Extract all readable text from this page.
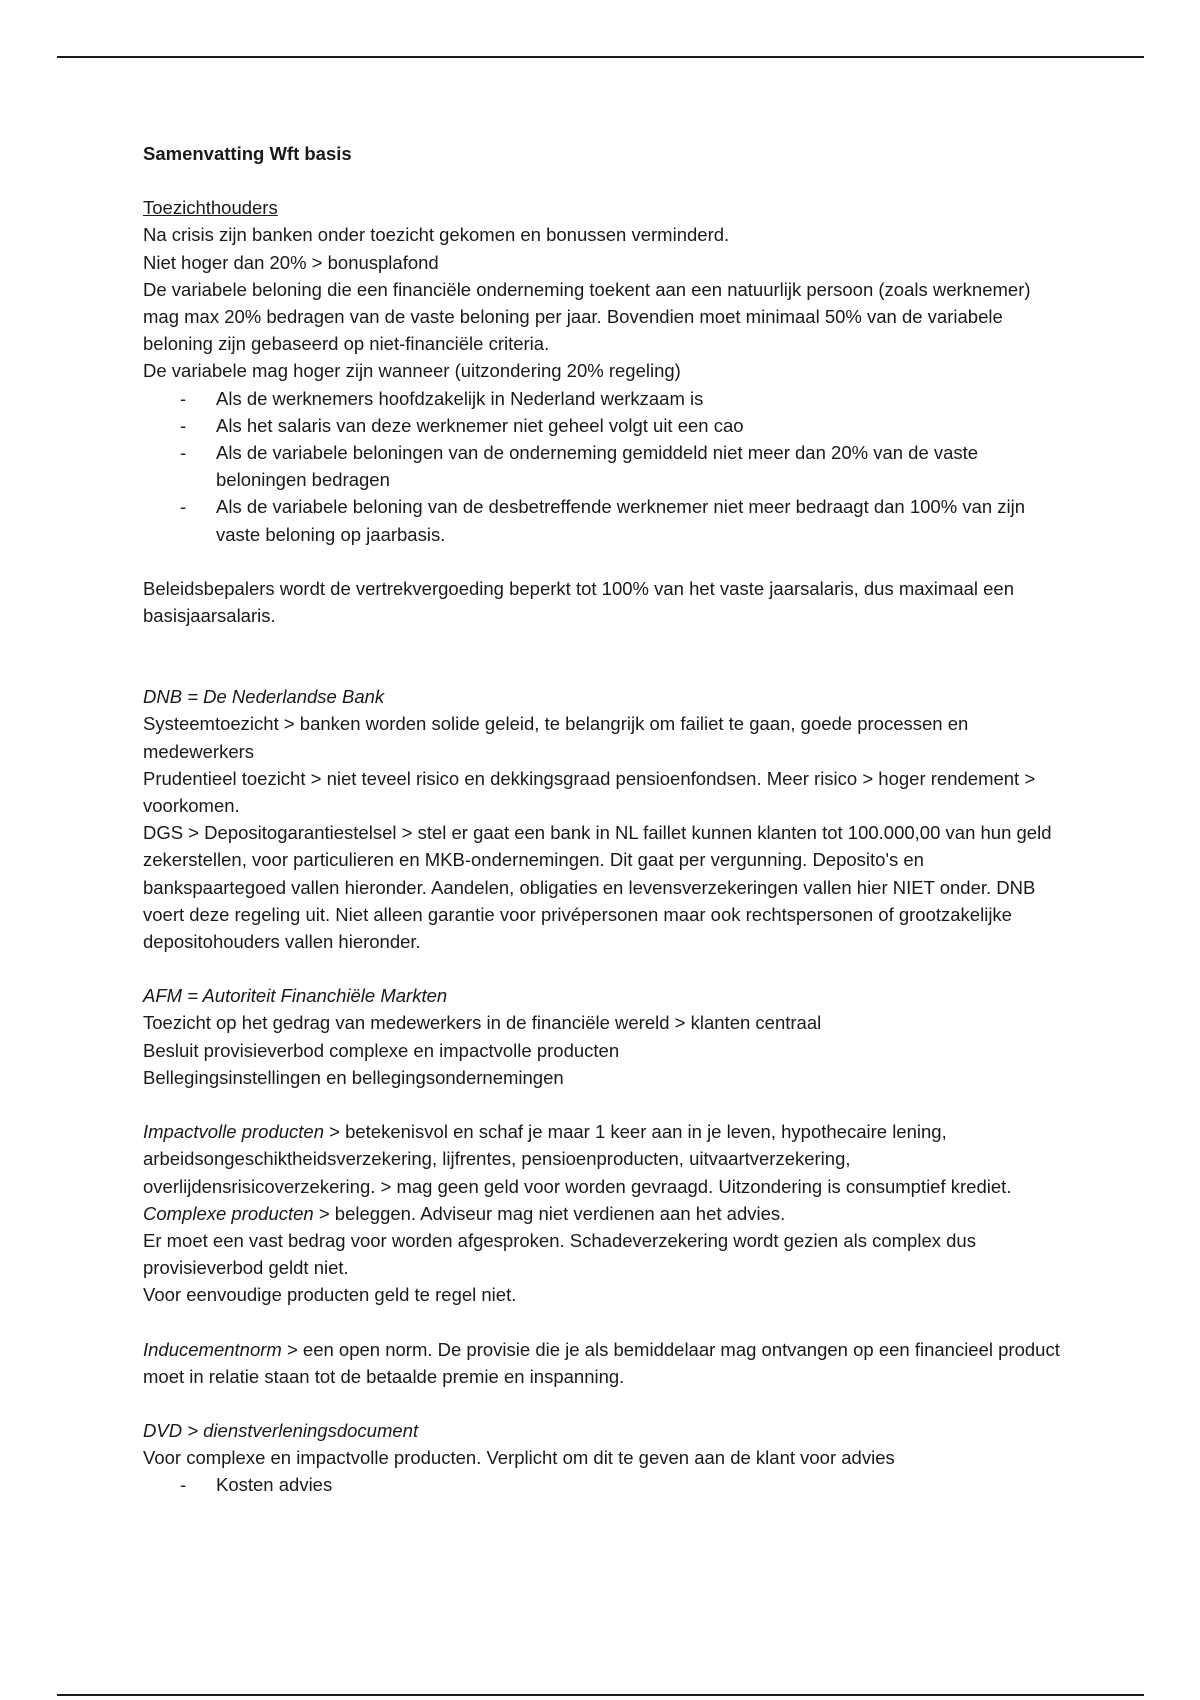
Samenvatting Wft basis

Toezichthouders

Na crisis zijn banken onder toezicht gekomen en bonussen verminderd.

Niet hoger dan 20% > bonusplafond

De variabele beloning die een financiële onderneming toekent aan een natuurlijk persoon (zoals werknemer) mag max 20% bedragen van de vaste beloning per jaar. Bovendien moet minimaal 50% van de variabele beloning zijn gebaseerd op niet-financiële criteria.

De variabele mag hoger zijn wanneer (uitzondering 20% regeling)

- Als de werknemers hoofdzakelijk in Nederland werkzaam is
- Als het salaris van deze werknemer niet geheel volgt uit een cao
- Als de variabele beloningen van de onderneming gemiddeld niet meer dan 20% van de vaste beloningen bedragen
- Als de variabele beloning van de desbetreffende werknemer niet meer bedraagt dan 100% van zijn vaste beloning op jaarbasis.

Beleidsbepalers wordt de vertrekvergoeding beperkt tot 100% van het vaste jaarsalaris, dus maximaal een basisjaarsalaris.

DNB = De Nederlandse Bank

Systeemtoezicht > banken worden solide geleid, te belangrijk om failiet te gaan, goede processen en medewerkers

Prudentieel toezicht > niet teveel risico en dekkingsgraad pensioenfondsen. Meer risico > hoger rendement > voorkomen.

DGS > Depositogarantiestelsel > stel er gaat een bank in NL faillet kunnen klanten tot 100.000,00 van hun geld zekerstellen, voor particulieren en MKB-ondernemingen. Dit gaat per vergunning. Deposito's en bankspaartegoed vallen hieronder. Aandelen, obligaties en levensverzekeringen vallen hier NIET onder. DNB voert deze regeling uit. Niet alleen garantie voor privépersonen maar ook rechtspersonen of grootzakelijke depositohouders vallen hieronder.

AFM = Autoriteit Financhiële Markten

Toezicht op het gedrag van medewerkers in de financiële wereld > klanten centraal

Besluit provisieverbod complexe en impactvolle producten

Bellegingsinstellingen en bellegingsondernemingen

Impactvolle producten > betekenisvol en schaf je maar 1 keer aan in je leven, hypothecaire lening, arbeidsongeschiktheidsverzekering, lijfrentes, pensioenproducten, uitvaartverzekering, overlijdensrisicoverzekering. > mag geen geld voor worden gevraagd. Uitzondering is consumptief krediet.

Complexe producten > beleggen. Adviseur mag niet verdienen aan het advies.

Er moet een vast bedrag voor worden afgesproken. Schadeverzekering wordt gezien als complex dus provisieverbod geldt niet.

Voor eenvoudige producten geld te regel niet.

Inducementnorm > een open norm. De provisie die je als bemiddelaar mag ontvangen op een financieel product moet in relatie staan tot de betaalde premie en inspanning.

DVD > dienstverleningsdocument

Voor complexe en impactvolle producten. Verplicht om dit te geven aan de klant voor advies

- Kosten advies
